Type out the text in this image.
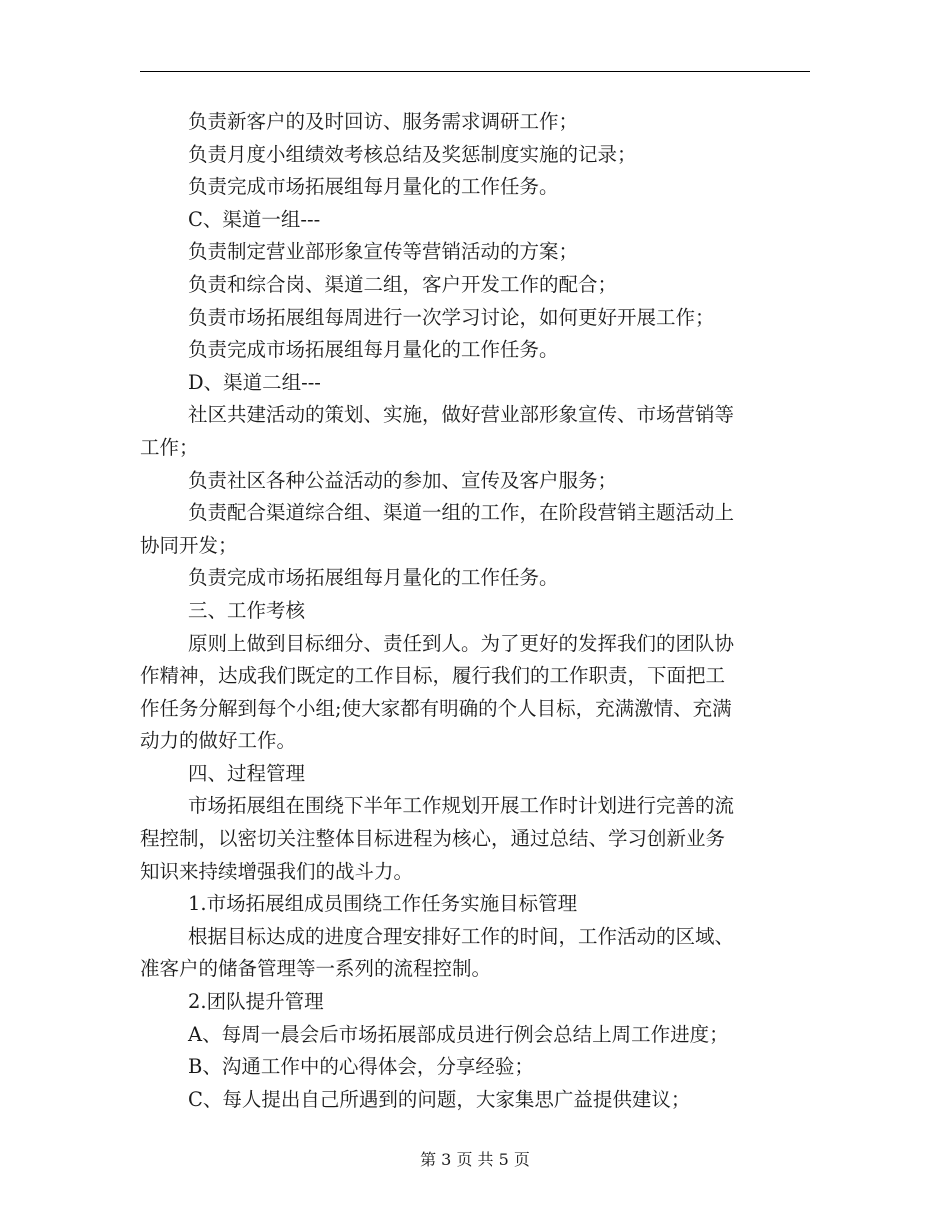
负责新客户的及时回访、服务需求调研工作；
负责月度小组绩效考核总结及奖惩制度实施的记录；
负责完成市场拓展组每月量化的工作任务。
C、渠道一组---
负责制定营业部形象宣传等营销活动的方案；
负责和综合岗、渠道二组，客户开发工作的配合；
负责市场拓展组每周进行一次学习讨论，如何更好开展工作；
负责完成市场拓展组每月量化的工作任务。
D、渠道二组---
社区共建活动的策划、实施，做好营业部形象宣传、市场营销等
工作；
负责社区各种公益活动的参加、宣传及客户服务；
负责配合渠道综合组、渠道一组的工作，在阶段营销主题活动上
协同开发；
负责完成市场拓展组每月量化的工作任务。
三、工作考核
原则上做到目标细分、责任到人。为了更好的发挥我们的团队协
作精神，达成我们既定的工作目标，履行我们的工作职责，下面把工
作任务分解到每个小组;使大家都有明确的个人目标，充满激情、充满
动力的做好工作。
四、过程管理
市场拓展组在围绕下半年工作规划开展工作时计划进行完善的流
程控制，以密切关注整体目标进程为核心，通过总结、学习创新业务
知识来持续增强我们的战斗力。
1.市场拓展组成员围绕工作任务实施目标管理
根据目标达成的进度合理安排好工作的时间，工作活动的区域、
准客户的储备管理等一系列的流程控制。
2.团队提升管理
A、每周一晨会后市场拓展部成员进行例会总结上周工作进度；
B、沟通工作中的心得体会，分享经验；
C、每人提出自己所遇到的问题，大家集思广益提供建议；
第 3 页 共 5 页
